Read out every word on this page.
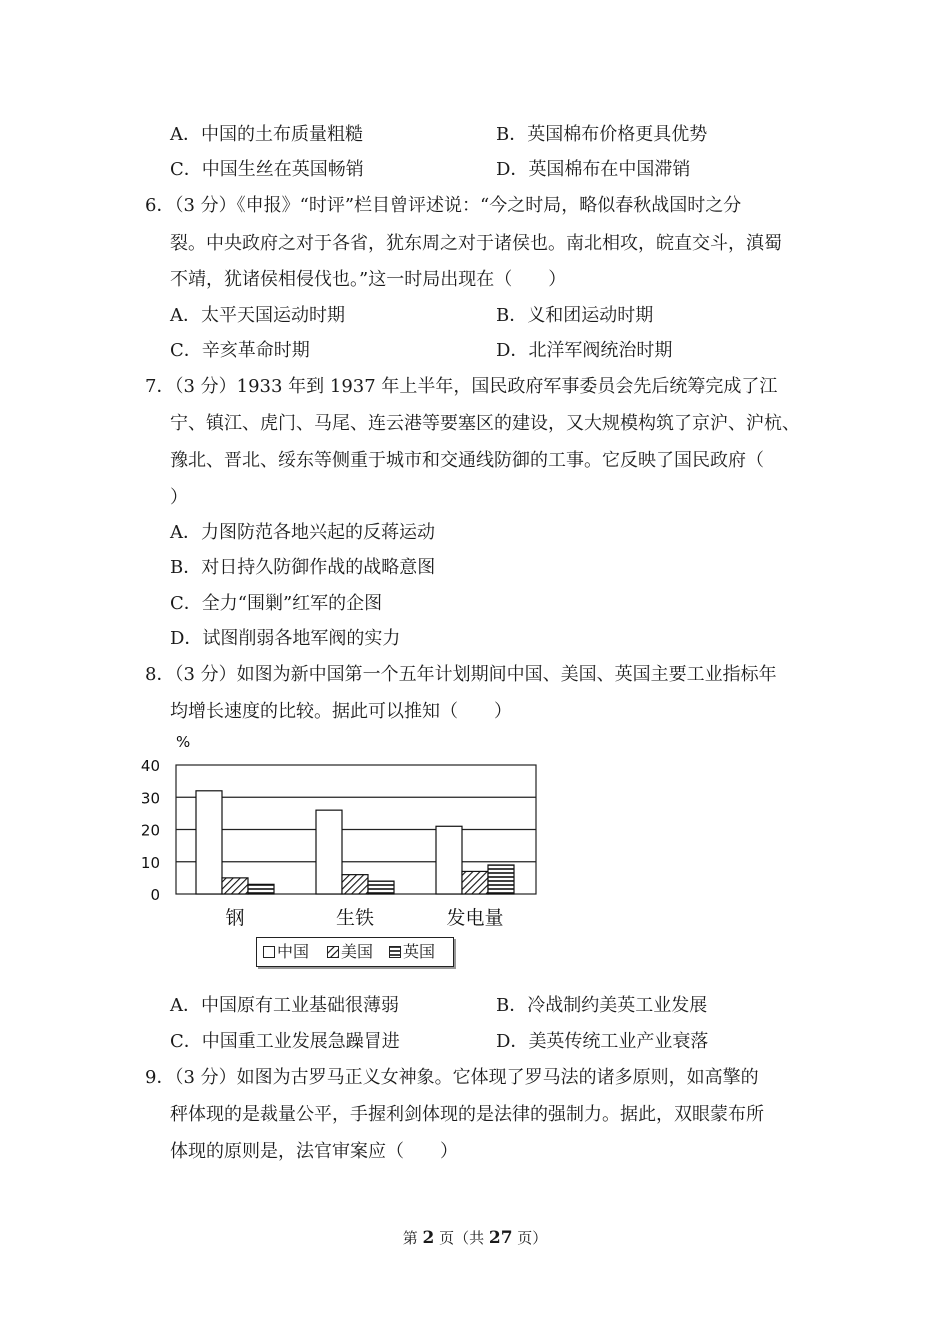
A．中国的土布质量粗糙	B．英国棉布价格更具优势
C．中国生丝在英国畅销	D．英国棉布在中国滞销
6．（3 分）《申报》“时评”栏目曾评述说：“今之时局，略似春秋战国时之分
裂。中央政府之对于各省，犹东周之对于诸侯也。南北相攻，皖直交斗，滇蜀
不靖，犹诸侯相侵伐也。”这一时局出现在（　　）
A．太平天国运动时期	B．义和团运动时期
C．辛亥革命时期	D．北洋军阀统治时期
7．（3 分）1933 年到 1937 年上半年，国民政府军事委员会先后统筹完成了江
宁、镇江、虎门、马尾、连云港等要塞区的建设，又大规模构筑了京沪、沪杭、
豫北、晋北、绥东等侧重于城市和交通线防御的工事。它反映了国民政府（
）
A．力图防范各地兴起的反蒋运动
B．对日持久防御作战的战略意图
C．全力“围剿”红军的企图
D．试图削弱各地军阀的实力
8．（3 分）如图为新中国第一个五年计划期间中国、美国、英国主要工业指标年
均增长速度的比较。据此可以推知（　　）
%
40
30
20
10
0
钢	生铁	发电量
中国	美国	英国
A．中国原有工业基础很薄弱	B．冷战制约美英工业发展
C．中国重工业发展急躁冒进	D．美英传统工业产业衰落
9．（3 分）如图为古罗马正义女神象。它体现了罗马法的诸多原则，如高擎的
秤体现的是裁量公平，手握利剑体现的是法律的强制力。据此，双眼蒙布所
体现的原则是，法官审案应（　　）
第 2 页（共 27 页）
